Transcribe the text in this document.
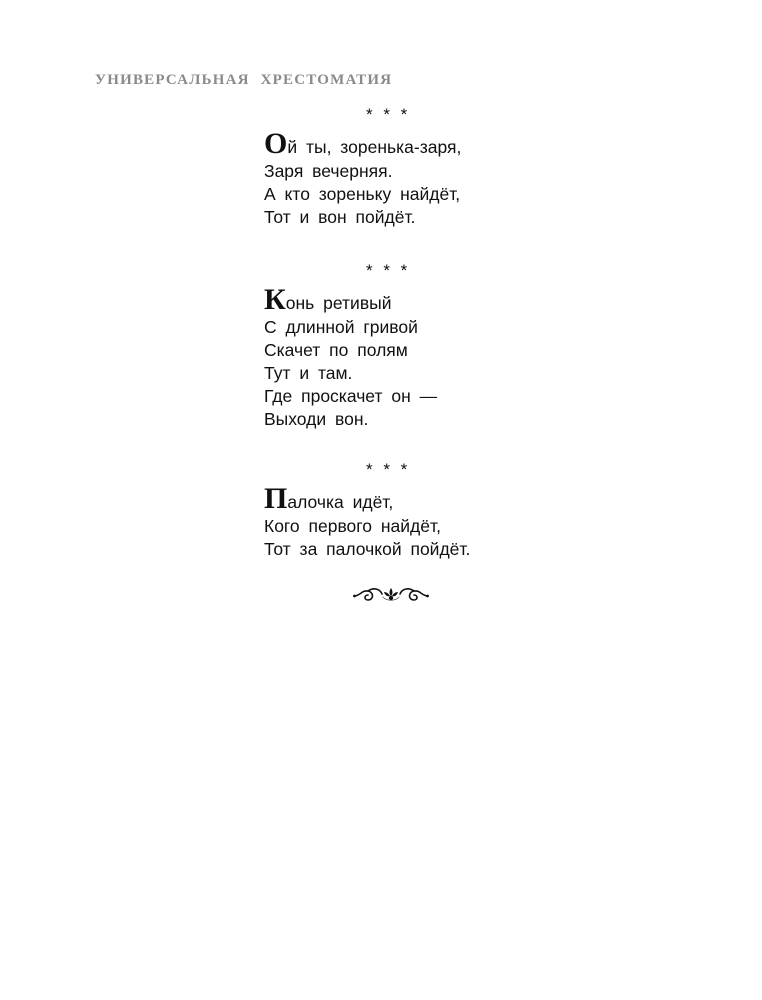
УНИВЕРСАЛЬНАЯ ХРЕСТОМАТИЯ
* * *
Ой ты, зоренька-заря,
Заря вечерняя.
А кто зореньку найдёт,
Тот и вон пойдёт.
* * *
Конь ретивый
С длинной гривой
Скачет по полям
Тут и там.
Где проскачет он —
Выходи вон.
* * *
Палочка идёт,
Кого первого найдёт,
Тот за палочкой пойдёт.
